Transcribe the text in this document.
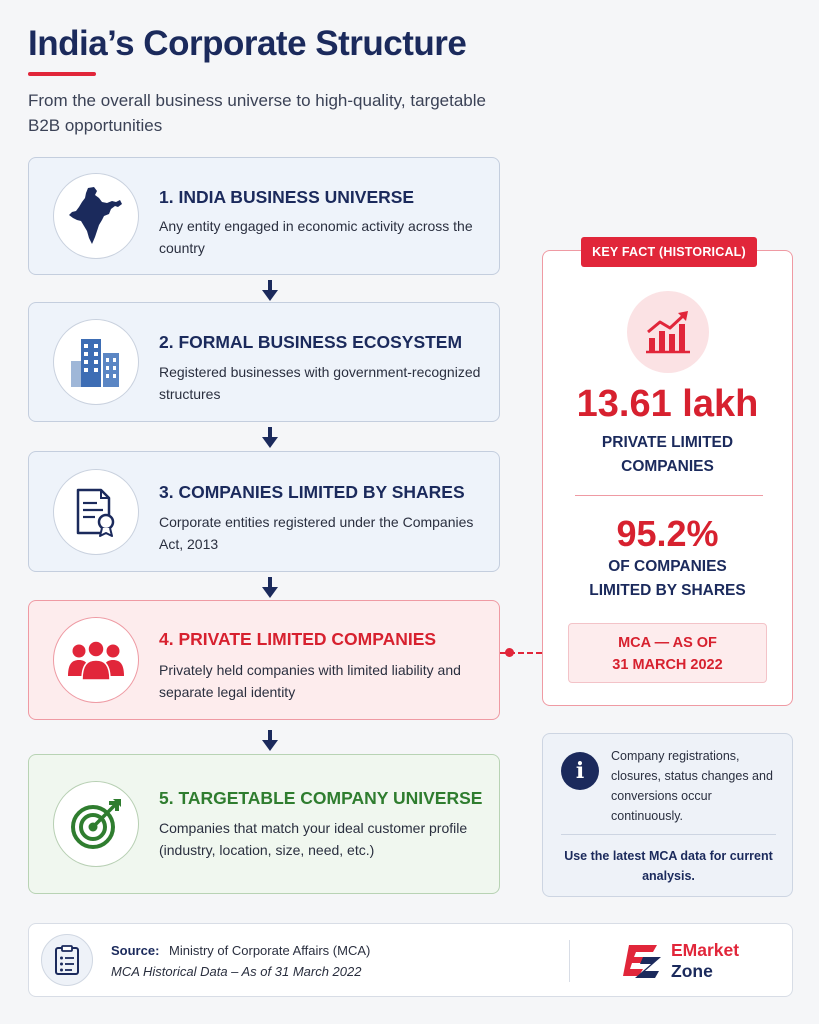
India’s Corporate Structure
From the overall business universe to high-quality, targetable B2B opportunities
1. INDIA BUSINESS UNIVERSE
Any entity engaged in economic activity across the country
2. FORMAL BUSINESS ECOSYSTEM
Registered businesses with government-recognized structures
3. COMPANIES LIMITED BY SHARES
Corporate entities registered under the Companies Act, 2013
4. PRIVATE LIMITED COMPANIES
Privately held companies with limited liability and separate legal identity
5. TARGETABLE COMPANY UNIVERSE
Companies that match your ideal customer profile (industry, location, size, need, etc.)
KEY FACT (HISTORICAL)
13.61 lakh
PRIVATE LIMITED
COMPANIES
95.2%
OF COMPANIES
LIMITED BY SHARES
MCA — AS OF
31 MARCH 2022
i
Company registrations, closures, status changes and conversions occur continuously.
Use the latest MCA data for current analysis.
Source: Ministry of Corporate Affairs (MCA)
MCA Historical Data – As of 31 March 2022
EMarket
Zone
